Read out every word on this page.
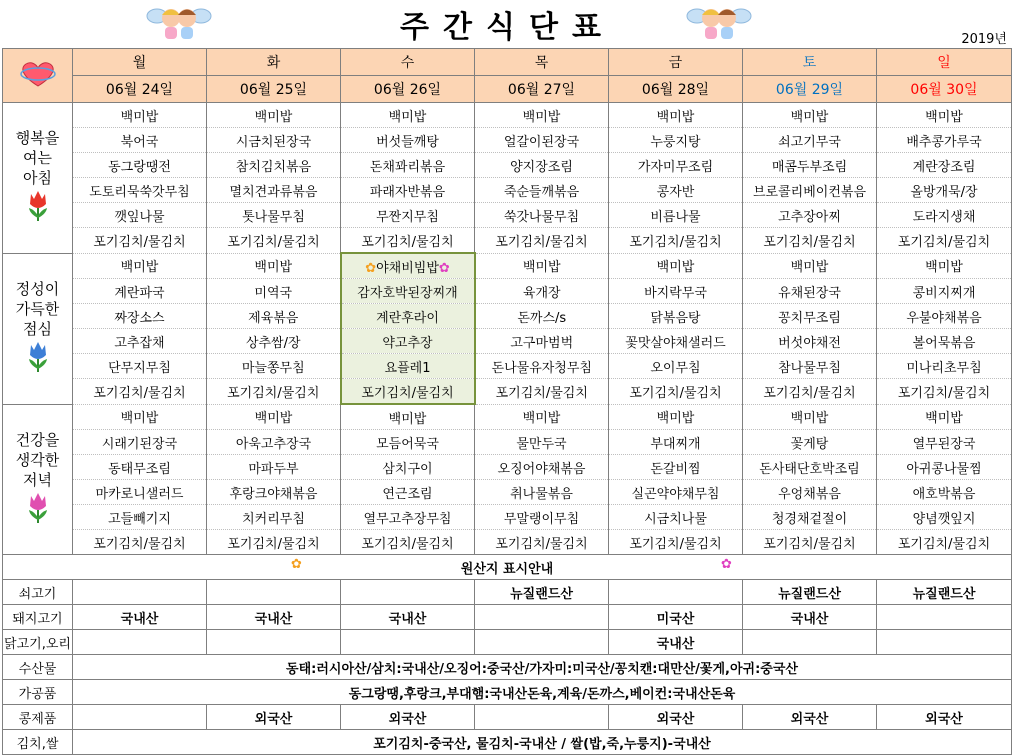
주간식단표	2019년
	월	화	수	목	금	토	일
	06월 24일	06월 25일	06월 26일	06월 27일	06월 28일	06월 29일	06월 30일

행복을
여는
아침	백미밥	백미밥	백미밥	백미밥	백미밥	백미밥	백미밥
	북어국	시금치된장국	버섯들깨탕	얼갈이된장국	누룽지탕	쇠고기무국	배추콩가루국
	동그랑땡전	참치김치볶음	돈채꽈리볶음	양지장조림	가자미무조림	매콤두부조림	계란장조림
	도토리묵쑥갓무침	멸치견과류볶음	파래자반볶음	죽순들깨볶음	콩자반	브로콜리베이컨볶음	올방개묵/장
	깻잎나물	톳나물무침	무짠지무침	쑥갓나물무침	비름나물	고추장아찌	도라지생채
	포기김치/물김치	포기김치/물김치	포기김치/물김치	포기김치/물김치	포기김치/물김치	포기김치/물김치	포기김치/물김치

정성이
가득한
점심	백미밥	백미밥	✿야채비빔밥✿	백미밥	백미밥	백미밥	백미밥
	계란파국	미역국	감자호박된장찌개	육개장	바지락무국	유채된장국	콩비지찌개
	짜장소스	제육볶음	계란후라이	돈까스/s	닭볶음탕	꽁치무조림	우불야채볶음
	고추잡채	상추쌈/장	약고추장	고구마범벅	꽃맛살야채샐러드	버섯야채전	볼어묵볶음
	단무지무침	마늘쫑무침	요플레1	돈나물유자청무침	오이무침	참나물무침	미나리초무침
	포기김치/물김치	포기김치/물김치	포기김치/물김치	포기김치/물김치	포기김치/물김치	포기김치/물김치	포기김치/물김치

건강을
생각한
저녁	백미밥	백미밥	백미밥	백미밥	백미밥	백미밥	백미밥
	시래기된장국	아욱고추장국	모듬어묵국	물만두국	부대찌개	꽃게탕	열무된장국
	동태무조림	마파두부	삼치구이	오징어야채볶음	돈갈비찜	돈사태단호박조림	아귀콩나물찜
	마카로니샐러드	후랑크야채볶음	연근조림	취나물볶음	실곤약야채무침	우엉채볶음	애호박볶음
	고들빼기지	치커리무침	열무고추장무침	무말랭이무침	시금치나물	청경채겉절이	양념깻잎지
	포기김치/물김치	포기김치/물김치	포기김치/물김치	포기김치/물김치	포기김치/물김치	포기김치/물김치	포기김치/물김치

✿ 원산지 표시안내 ✿							

쇠고기				뉴질랜드산		뉴질랜드산	뉴질랜드산
돼지고기	국내산	국내산	국내산		미국산	국내산	
닭고기,오리					국내산		
수산물	동태:러시아산/삼치:국내산/오징어:중국산/가자미:미국산/꽁치캔:대만산/꽃게,아귀:중국산						
가공품	동그랑땡,후랑크,부대햄:국내산돈육,계육/돈까스,베이컨:국내산돈육						
콩제품		외국산	외국산		외국산	외국산	외국산
김치,쌀	포기김치-중국산, 물김치-국내산 / 쌀(밥,죽,누룽지)-국내산						
